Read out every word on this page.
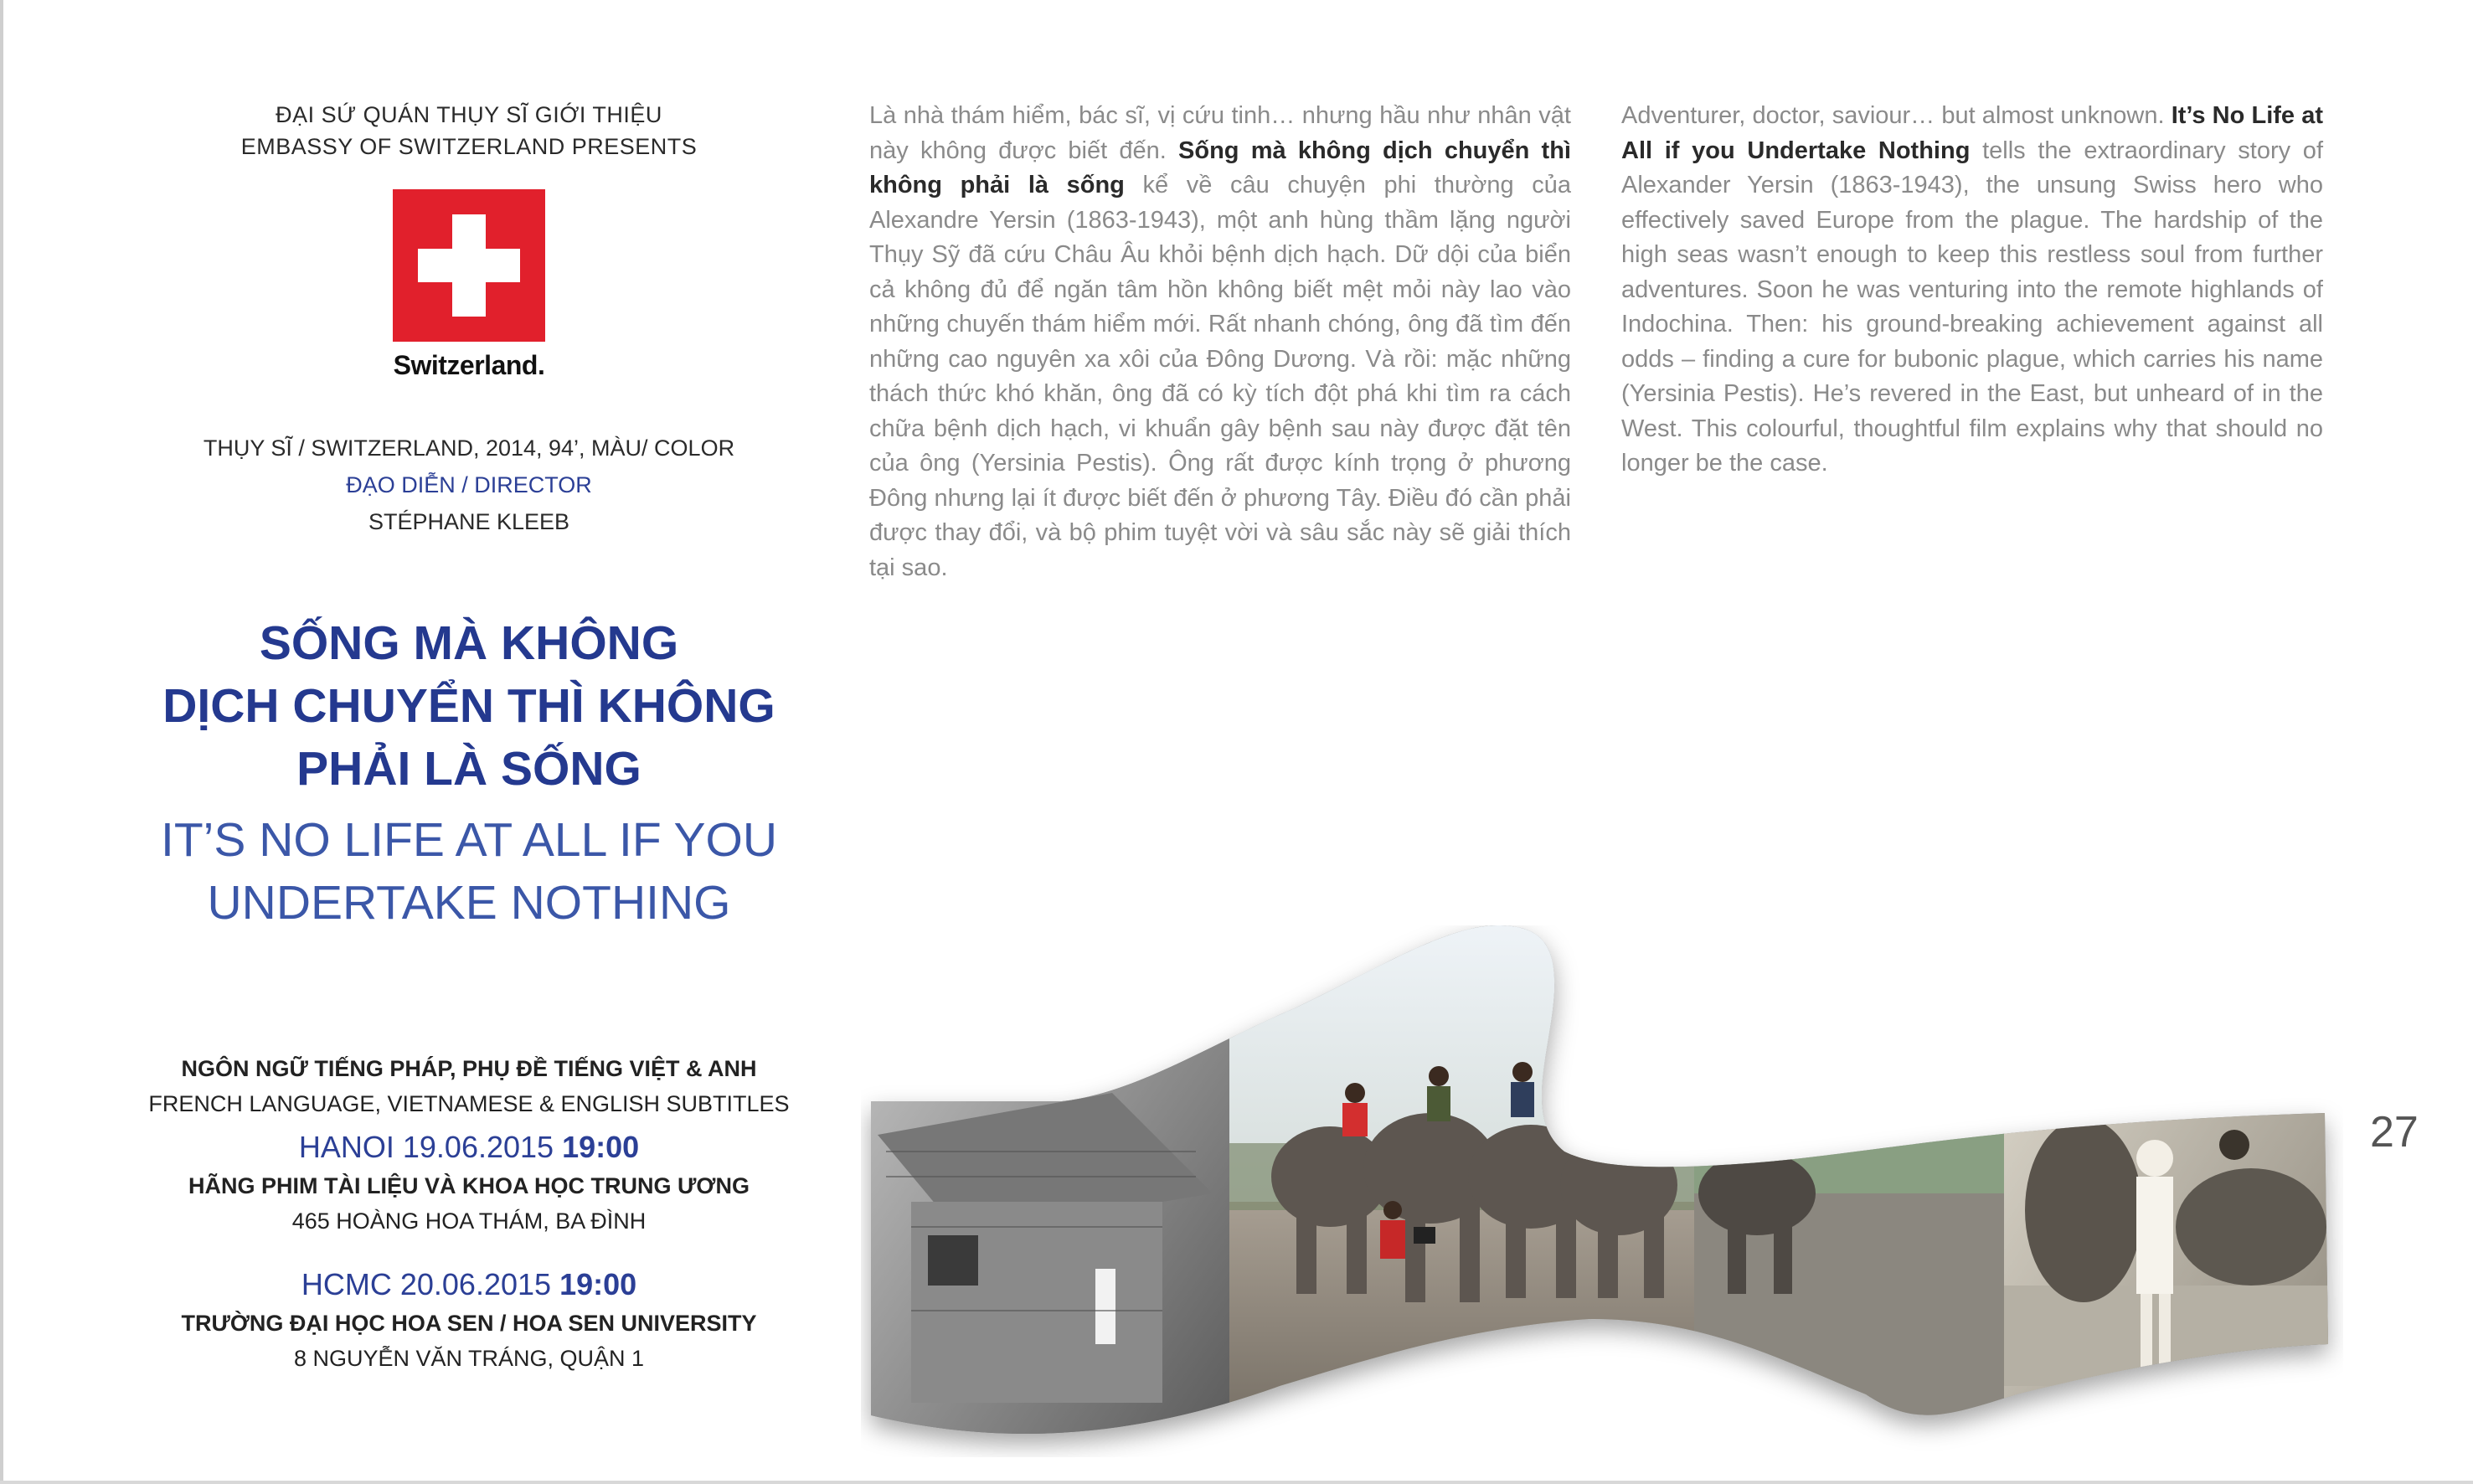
ĐẠI SỨ QUÁN THỤY SĨ GIỚI THIỆU
EMBASSY OF SWITZERLAND PRESENTS
Switzerland.
THỤY SĨ / SWITZERLAND, 2014, 94’, MÀU/ COLOR
ĐẠO DIỄN / DIRECTOR
STÉPHANE KLEEB
SỐNG MÀ KHÔNG
DỊCH CHUYỂN THÌ KHÔNG
PHẢI LÀ SỐNG
IT’S NO LIFE AT ALL IF YOU
UNDERTAKE NOTHING
NGÔN NGỮ TIẾNG PHÁP, PHỤ ĐỀ TIẾNG VIỆT & ANH
FRENCH LANGUAGE, VIETNAMESE & ENGLISH SUBTITLES
HANOI 19.06.2015 19:00
HÃNG PHIM TÀI LIỆU VÀ KHOA HỌC TRUNG ƯƠNG
465 HOÀNG HOA THÁM, BA ĐÌNH
HCMC 20.06.2015 19:00
TRƯỜNG ĐẠI HỌC HOA SEN / HOA SEN UNIVERSITY
8 NGUYỄN VĂN TRÁNG, QUẬN 1
Là nhà thám hiểm, bác sĩ, vị cứu tinh… nhưng hầu như nhân vật này không được biết đến. Sống mà không dịch chuyển thì không phải là sống kể về câu chuyện phi thường của Alexandre Yersin (1863-1943), một anh hùng thầm lặng người Thụy Sỹ đã cứu Châu Âu khỏi bệnh dịch hạch. Dữ dội của biển cả không đủ để ngăn tâm hồn không biết mệt mỏi này lao vào những chuyến thám hiểm mới. Rất nhanh chóng, ông đã tìm đến những cao nguyên xa xôi của Đông Dương. Và rồi: mặc những thách thức khó khăn, ông đã có kỳ tích đột phá khi tìm ra cách chữa bệnh dịch hạch, vi khuẩn gây bệnh sau này được đặt tên của ông (Yersinia Pestis). Ông rất được kính trọng ở phương Đông nhưng lại ít được biết đến ở phương Tây. Điều đó cần phải được thay đổi, và bộ phim tuyệt vời và sâu sắc này sẽ giải thích tại sao.
Adventurer, doctor, saviour… but almost unknown. It’s No Life at All if you Undertake Nothing tells the extraordinary story of Alexander Yersin (1863-1943), the unsung Swiss hero who effectively saved Europe from the plague. The hardship of the high seas wasn’t enough to keep this restless soul from further adventures. Soon he was venturing into the remote highlands of Indochina. Then: his ground-breaking achievement against all odds – finding a cure for bubonic plague, which carries his name (Yersinia Pestis). He’s revered in the East, but unheard of in the West. This colourful, thoughtful film explains why that should no longer be the case.
27
